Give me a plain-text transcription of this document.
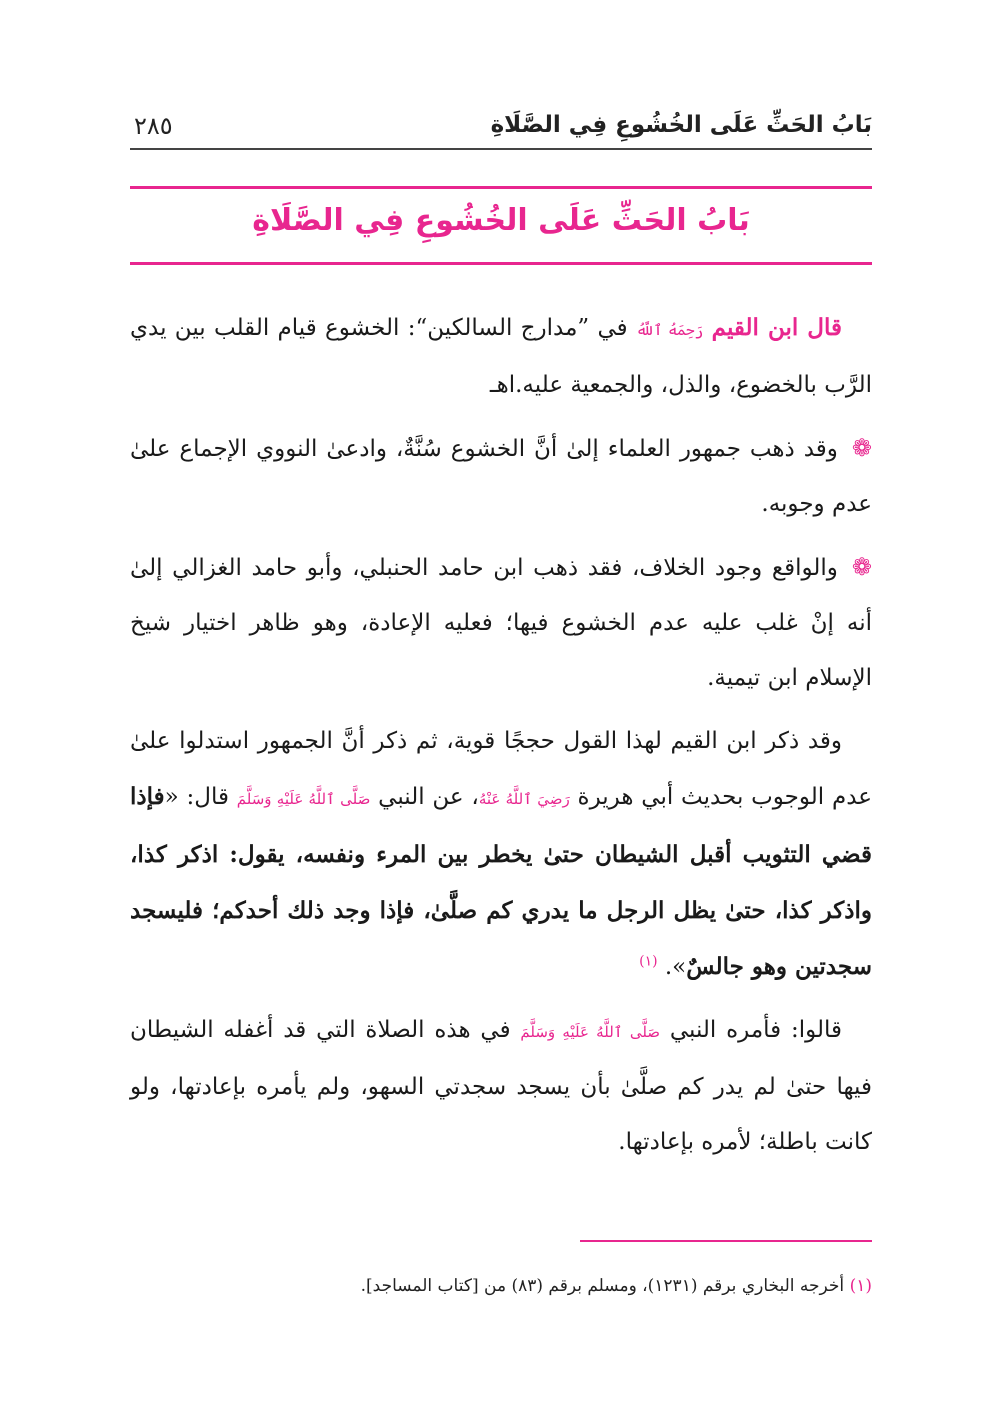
بَابُ الحَثِّ عَلَى الخُشُوعِ فِي الصَّلَاةِ
٢٨٥
بَابُ الحَثِّ عَلَى الخُشُوعِ فِي الصَّلَاةِ

قال ابن القيم رَحِمَهُ ٱللَّهُ في ”مدارج السالكين“: الخشوع قيام القلب بين يدي الرَّب بالخضوع، والذل، والجمعية عليه.اهـ

❁وقد ذهب جمهور العلماء إلىٰ أنَّ الخشوع سُنَّةٌ، وادعىٰ النووي الإجماع علىٰ عدم وجوبه.

❁والواقع وجود الخلاف، فقد ذهب ابن حامد الحنبلي، وأبو حامد الغزالي إلىٰ أنه إنْ غلب عليه عدم الخشوع فيها؛ فعليه الإعادة، وهو ظاهر اختيار شيخ الإسلام ابن تيمية.

وقد ذكر ابن القيم لهذا القول حججًا قوية، ثم ذكر أنَّ الجمهور استدلوا علىٰ عدم الوجوب بحديث أبي هريرة رَضِيَ ٱللَّهُ عَنْهُ، عن النبي صَلَّى ٱللَّهُ عَلَيْهِ وَسَلَّمَ قال: «فإذا قضي التثويب أقبل الشيطان حتىٰ يخطر بين المرء ونفسه، يقول: اذكر كذا، واذكر كذا، حتىٰ يظل الرجل ما يدري كم صلَّىٰ، فإذا وجد ذلك أحدكم؛ فليسجد سجدتين وهو جالسٌ». $^{(١)}$

قالوا: فأمره النبي صَلَّى ٱللَّهُ عَلَيْهِ وَسَلَّمَ في هذه الصلاة التي قد أغفله الشيطان فيها حتىٰ لم يدر كم صلَّىٰ بأن يسجد سجدتي السهو، ولم يأمره بإعادتها، ولو كانت باطلة؛ لأمره بإعادتها.

(١) أخرجه البخاري برقم (١٢٣١)، ومسلم برقم (٨٣) من [كتاب المساجد].
